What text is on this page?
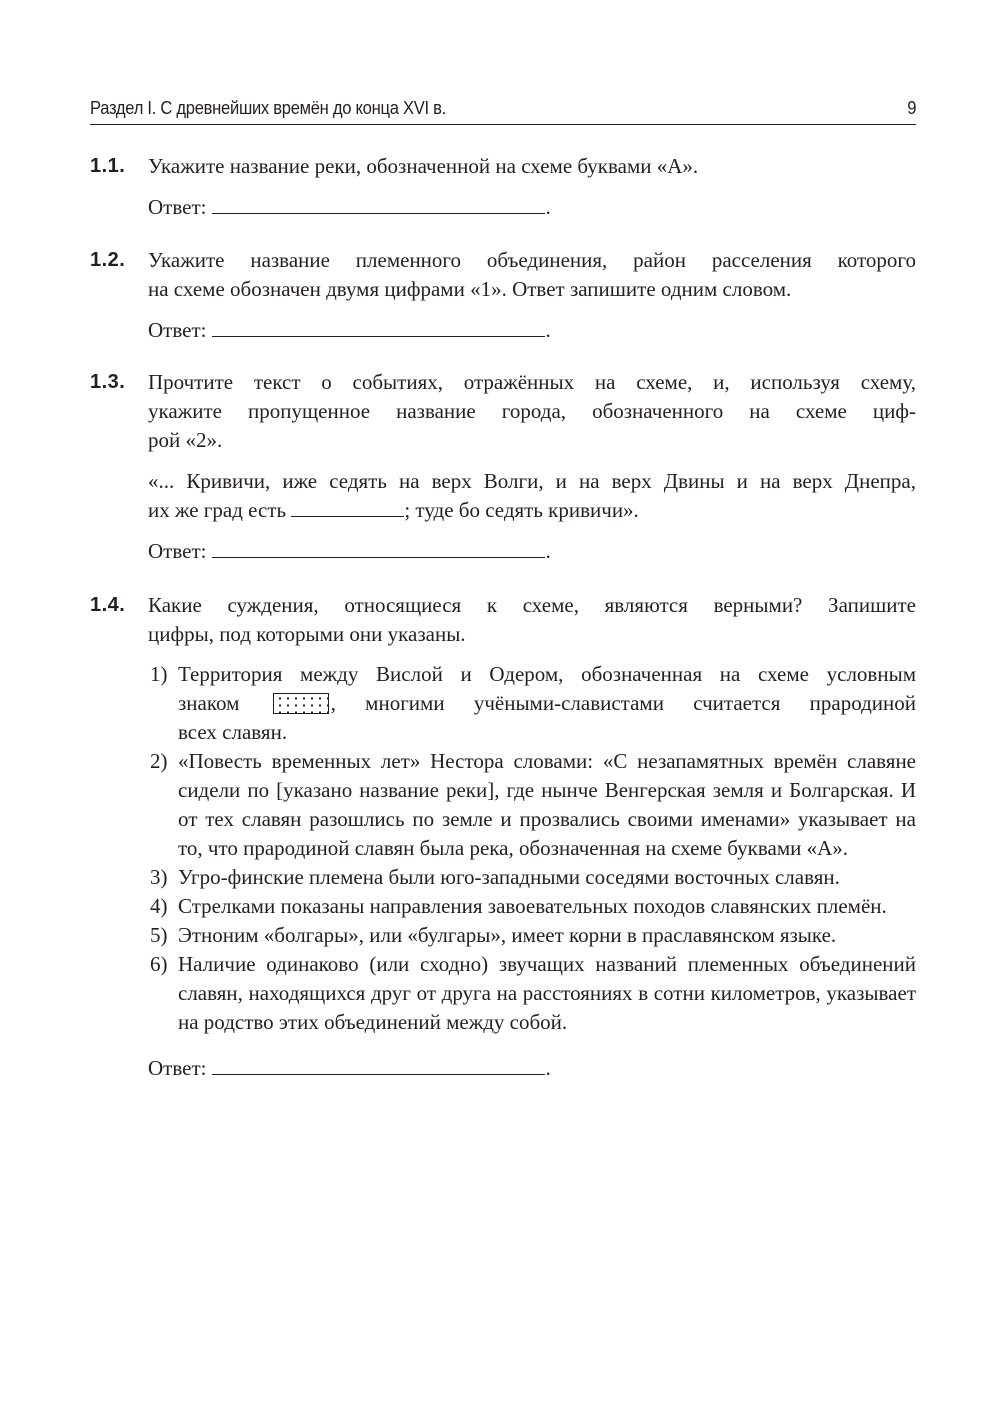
Раздел I. С древнейших времён до конца XVI в.	9
1.1. Укажите название реки, обозначенной на схеме буквами «А».

Ответ:	.
1.2. Укажите название племенного объединения, район расселения которого

на схеме обозначен двумя цифрами «1». Ответ запишите одним словом.

Ответ:	.
1.3. Прочтите текст о событиях, отражённых на схеме, и, используя схему,

укажите пропущенное название города, обозначенного на схеме циф-

рой «2».

«... Кривичи, иже седять на верх Волги, и на верх Двины и на верх Днепра,

их же град есть	; туде бо седять кривичи».

Ответ:	.
1.4. Какие суждения, относящиеся к схеме, являются верными? Запишите

цифры, под которыми они указаны.

1) Территория между Вислой и Одером, обозначенная на схеме условным

знаком	, многими учёными-славистами считается прародиной

всех славян.

2) «Повесть временных лет» Нестора словами: «С незапамятных времён славяне сидели по [указано название реки], где нынче Венгерская земля и Болгарская. И от тех славян разошлись по земле и прозвались своими именами» указывает на то, что прародиной славян была река, обозначенная на схеме буквами «А».

3) Угро-финские племена были юго-западными соседями восточных славян.

4) Стрелками показаны направления завоевательных походов славянских племён.

5) Этноним «болгары», или «булгары», имеет корни в праславянском языке.

6) Наличие одинаково (или сходно) звучащих названий племенных объединений славян, находящихся друг от друга на расстояниях в сотни километров, указывает на родство этих объединений между собой.

Ответ:	.
